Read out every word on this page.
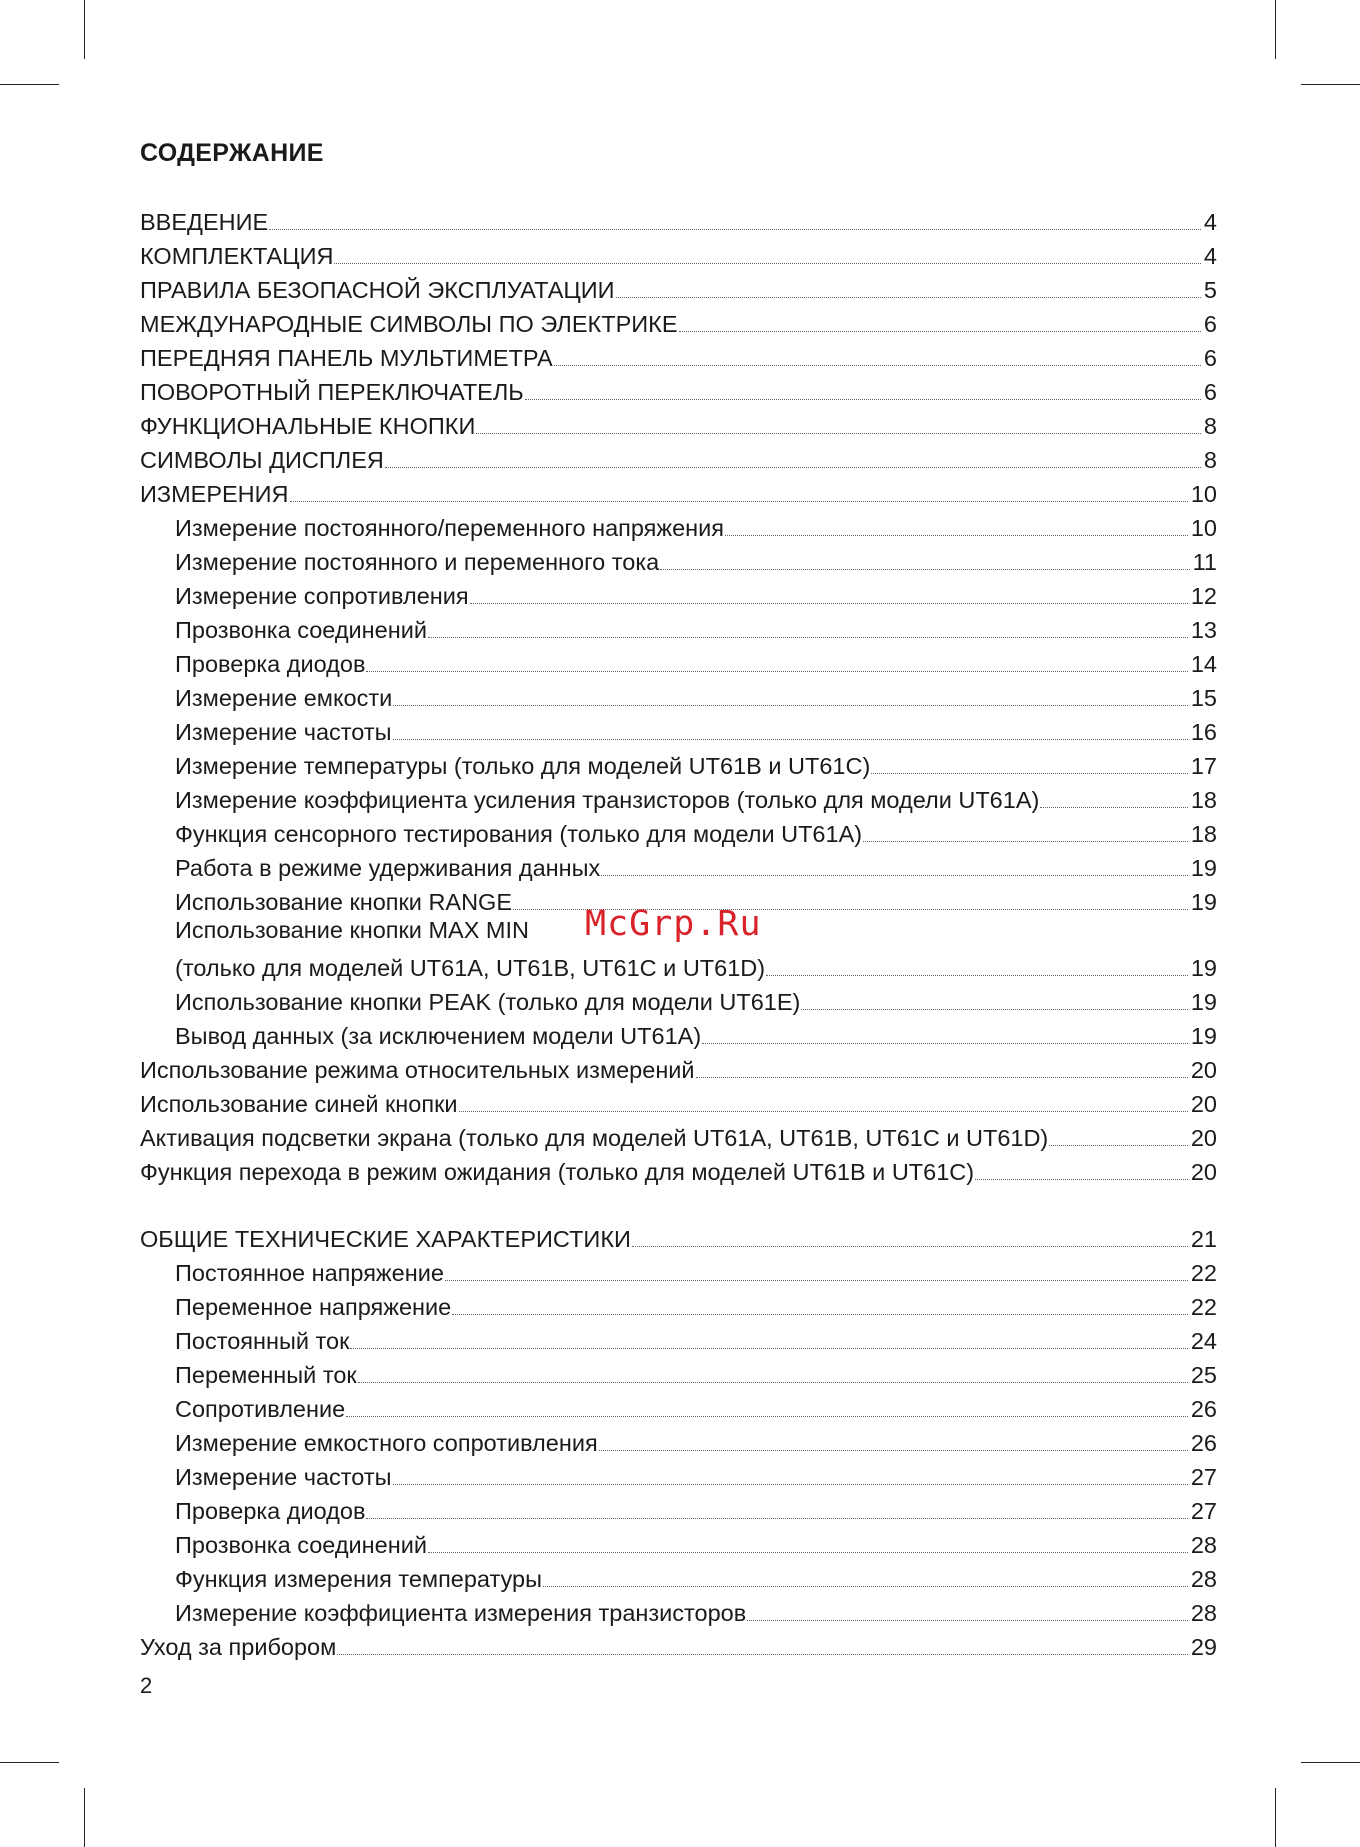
СОДЕРЖАНИЕ
ВВЕДЕНИЕ	4
КОМПЛЕКТАЦИЯ	4
ПРАВИЛА БЕЗОПАСНОЙ ЭКСПЛУАТАЦИИ	5
МЕЖДУНАРОДНЫЕ СИМВОЛЫ ПО ЭЛЕКТРИКЕ	6
ПЕРЕДНЯЯ ПАНЕЛЬ МУЛЬТИМЕТРА	6
ПОВОРОТНЫЙ ПЕРЕКЛЮЧАТЕЛЬ	6
ФУНКЦИОНАЛЬНЫЕ КНОПКИ	8
СИМВОЛЫ ДИСПЛЕЯ	8
ИЗМЕРЕНИЯ	10
Измерение постоянного/переменного напряжения	10
Измерение постоянного и переменного тока	11
Измерение сопротивления	12
Прозвонка соединений	13
Проверка диодов	14
Измерение емкости	15
Измерение частоты	16
Измерение температуры (только для моделей UT61B и UT61C)	17
Измерение коэффициента усиления транзисторов (только для модели UT61A)	18
Функция сенсорного тестирования (только для модели UT61A)	18
Работа в режиме удерживания данных	19
Использование кнопки RANGE	19
Использование кнопки MAX MIN
(только для моделей UT61A, UT61B, UT61C и UT61D)	19
Использование кнопки PEAK (только для модели UT61E)	19
Вывод данных (за исключением модели UT61A)	19
Использование режима относительных измерений	20
Использование синей кнопки	20
Активация подсветки экрана (только для моделей UT61A, UT61B, UT61C и UT61D)	20
Функция перехода в режим ожидания (только для моделей UT61B и UT61C)	20
ОБЩИЕ ТЕХНИЧЕСКИЕ ХАРАКТЕРИСТИКИ	21
Постоянное напряжение	22
Переменное напряжение	22
Постоянный ток	24
Переменный ток	25
Сопротивление	26
Измерение емкостного сопротивления	26
Измерение частоты	27
Проверка диодов	27
Прозвонка соединений	28
Функция измерения температуры	28
Измерение коэффициента измерения транзисторов	28
Уход за прибором	29
McGrp.Ru
2
